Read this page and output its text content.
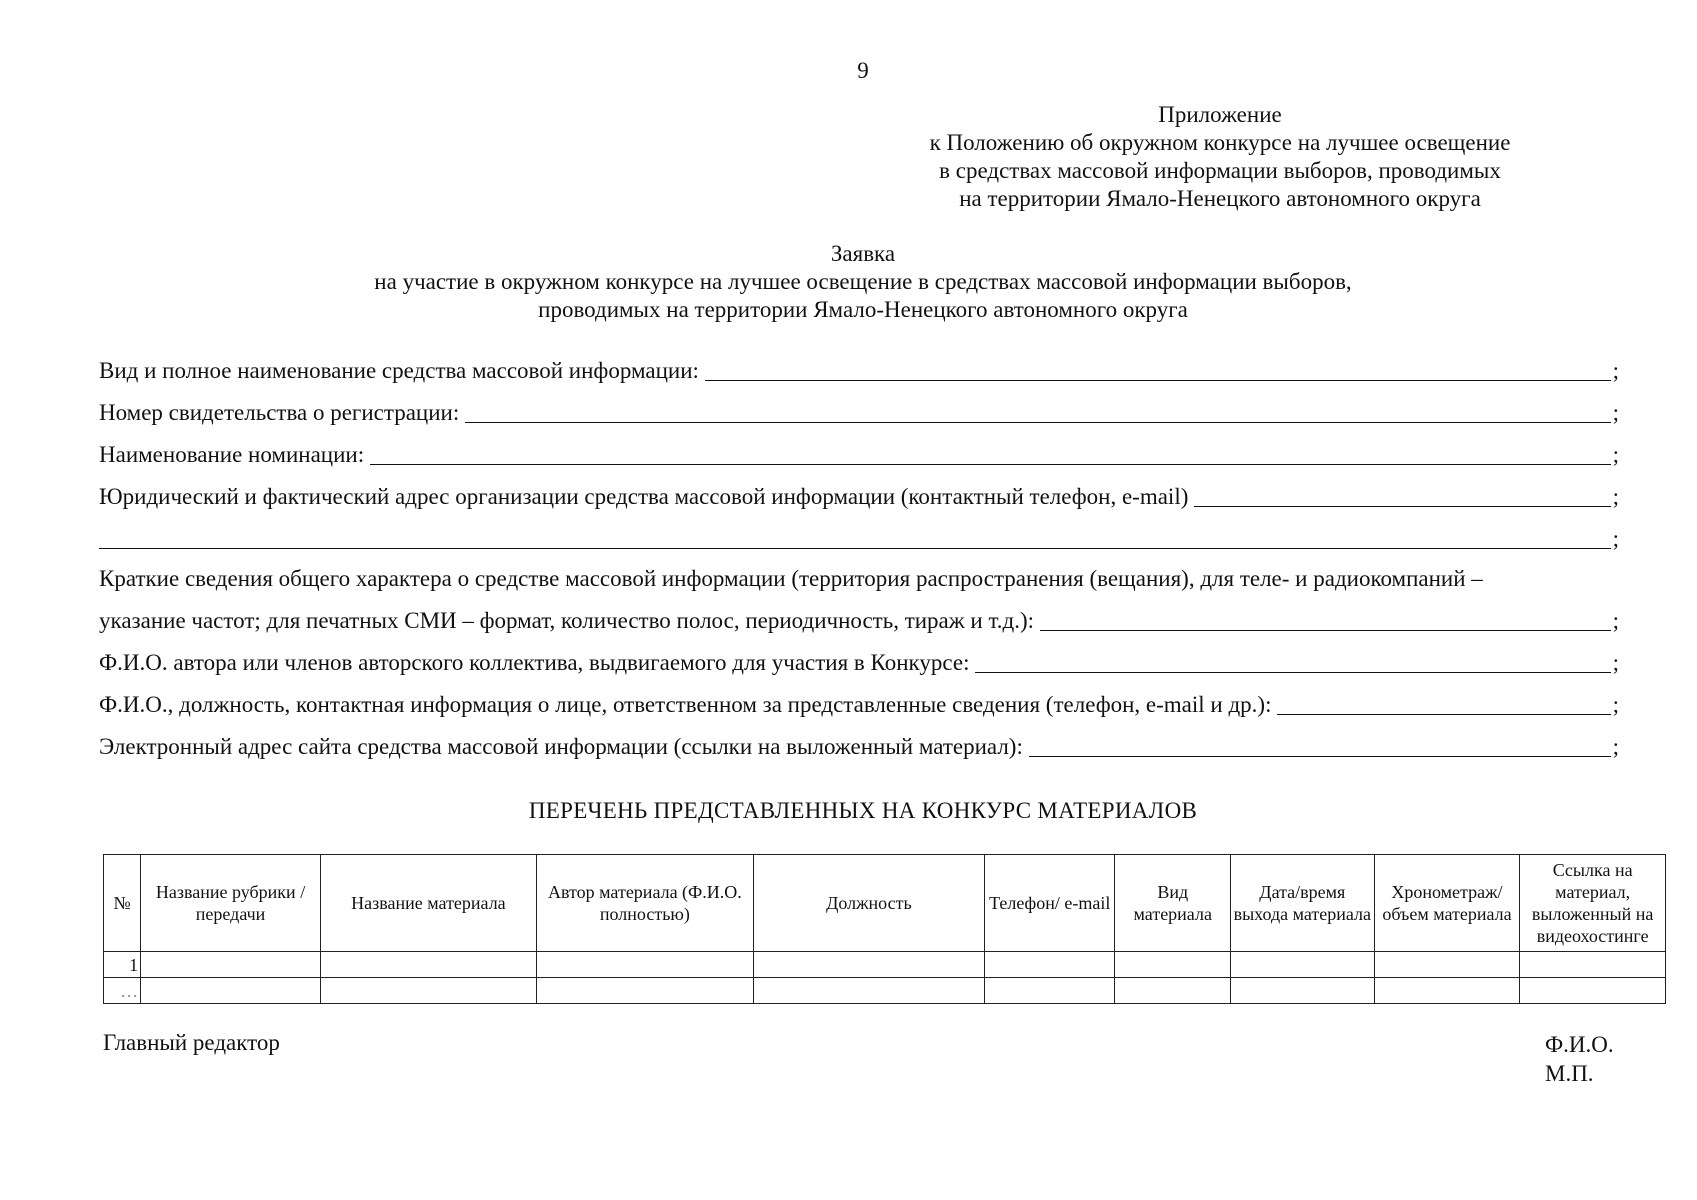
9
Приложение
к Положению об окружном конкурсе на лучшее освещение
в средствах массовой информации выборов, проводимых
на территории Ямало-Ненецкого автономного округа
Заявка
на участие в окружном конкурсе на лучшее освещение в средствах массовой информации выборов,
проводимых на территории Ямало-Ненецкого автономного округа
Вид и полное наименование средства массовой информации:	;
Номер свидетельства о регистрации:	;
Наименование номинации:	;
Юридический и фактический адрес организации средства массовой информации (контактный телефон, e-mail)	;
;
Краткие сведения общего характера о средстве массовой информации (территория распространения (вещания), для теле- и радиокомпаний –
указание частот; для печатных СМИ – формат, количество полос, периодичность, тираж и т.д.):	;
Ф.И.О. автора или членов авторского коллектива, выдвигаемого для участия в Конкурсе:	;
Ф.И.О., должность, контактная информация о лице, ответственном за представленные сведения (телефон, e-mail и др.):	;
Электронный адрес сайта средства массовой информации (ссылки на выложенный материал):	;
ПЕРЕЧЕНЬ ПРЕДСТАВЛЕННЫХ НА КОНКУРС МАТЕРИАЛОВ
№	Название рубрики / передачи	Название материала	Автор материала (Ф.И.О. полностью)	Должность	Телефон/ e-mail	Вид материала	Дата/время выхода материала	Хронометраж/ объем материала	Ссылка на материал, выложенный на видеохостинге
1									
…									
Главный редактор	Ф.И.О.
М.П.
